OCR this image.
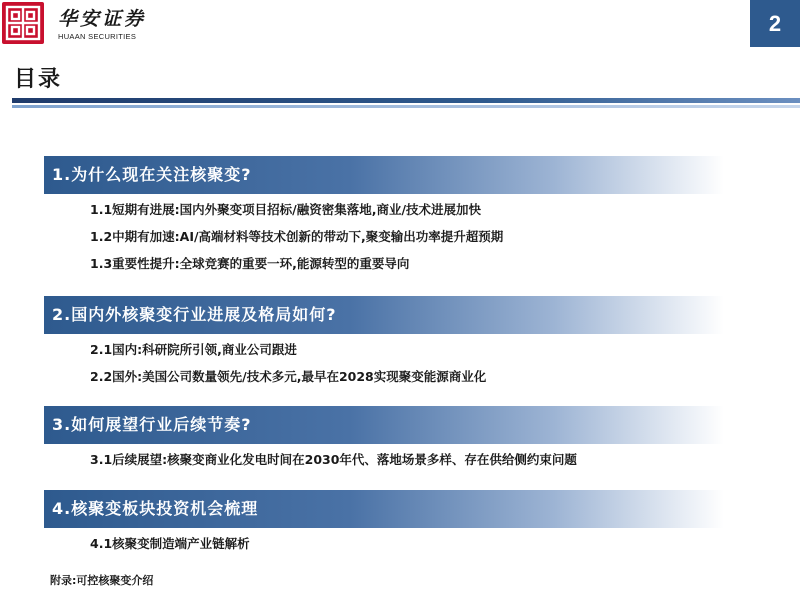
华安证券
HUAAN SECURITIES
2
目录
1.为什么现在关注核聚变?
1.1短期有进展:国内外聚变项目招标/融资密集落地,商业/技术进展加快
1.2中期有加速:AI/高端材料等技术创新的带动下,聚变输出功率提升超预期
1.3重要性提升:全球竞赛的重要一环,能源转型的重要导向
2.国内外核聚变行业进展及格局如何?
2.1国内:科研院所引领,商业公司跟进
2.2国外:美国公司数量领先/技术多元,最早在2028实现聚变能源商业化
3.如何展望行业后续节奏?
3.1后续展望:核聚变商业化发电时间在2030年代、落地场景多样、存在供给侧约束问题
4.核聚变板块投资机会梳理
4.1核聚变制造端产业链解析
附录:可控核聚变介绍
